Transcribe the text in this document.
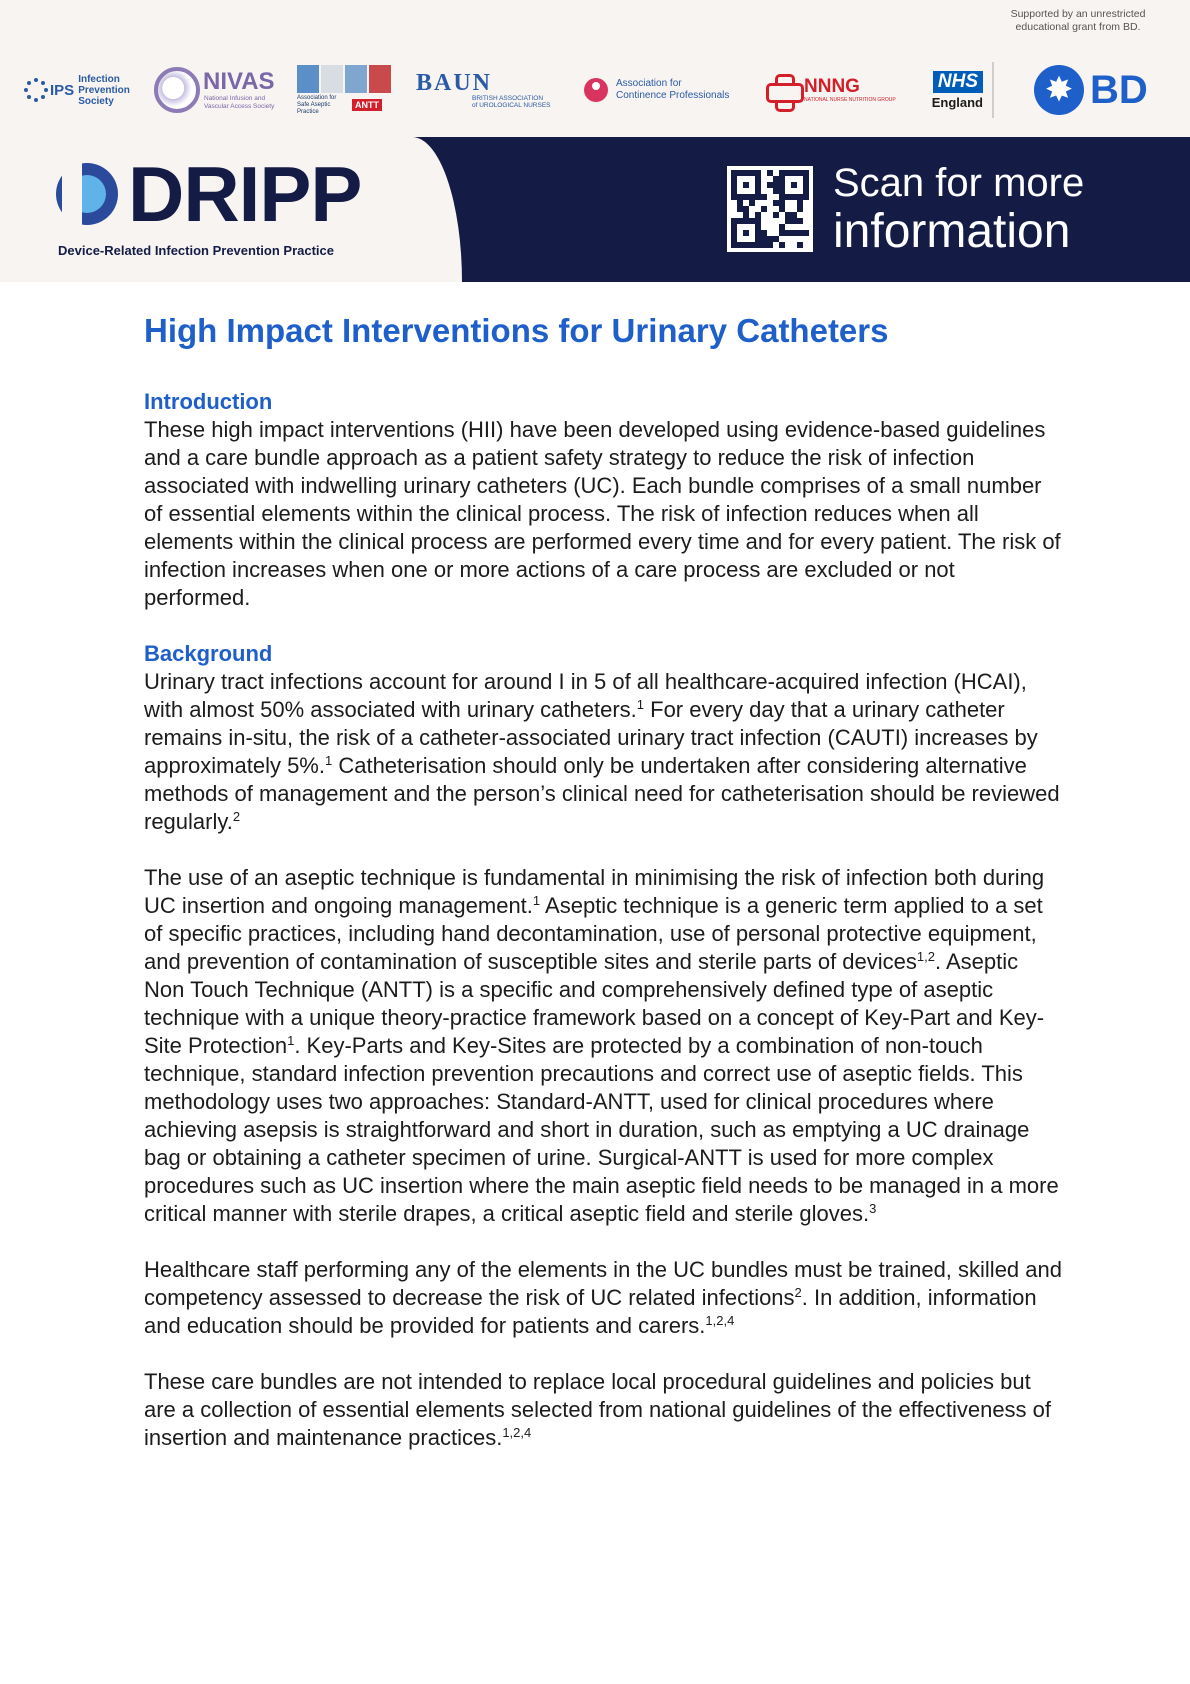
Supported by an unrestricted
educational grant from BD.
IPS
Infection
Prevention
Society
NIVAS
National Infusion and
Vascular Access Society
Association for
Safe Aseptic Practice
ANTT
BAUN
BRITISH ASSOCIATION
of UROLOGICAL NURSES
Association for
Continence Professionals	NNNG
NATIONAL NURSE NUTRITION GROUP
NHS
England
✸	BD
DRIPP
Device-Related Infection Prevention Practice
Scan for more
information
High Impact Interventions for Urinary Catheters
Introduction

These high impact interventions (HII) have been developed using evidence-based guidelines and a care bundle approach as a patient safety strategy to reduce the risk of infection associated with indwelling urinary catheters (UC). Each bundle comprises of a small number of essential elements within the clinical process. The risk of infection reduces when all elements within the clinical process are performed every time and for every patient. The risk of infection increases when one or more actions of a care process are excluded or not performed.

Background

Urinary tract infections account for around I in 5 of all healthcare-acquired infection (HCAI), with almost 50% associated with urinary catheters.$^1$ For every day that a urinary catheter remains in-situ, the risk of a catheter-associated urinary tract infection (CAUTI) increases by approximately 5%.$^1$ Catheterisation should only be undertaken after considering alternative methods of management and the person’s clinical need for catheterisation should be reviewed regularly.$^2$

The use of an aseptic technique is fundamental in minimising the risk of infection both during UC insertion and ongoing management.$^1$ Aseptic technique is a generic term applied to a set of specific practices, including hand decontamination, use of personal protective equipment, and prevention of contamination of susceptible sites and sterile parts of devices$^{1,2}$. Aseptic Non Touch Technique (ANTT) is a specific and comprehensively defined type of aseptic technique with a unique theory-practice framework based on a concept of Key-Part and Key-Site Protection$^1$. Key-Parts and Key-Sites are protected by a combination of non-touch technique, standard infection prevention precautions and correct use of aseptic fields. This methodology uses two approaches: Standard-ANTT, used for clinical procedures where achieving asepsis is straightforward and short in duration, such as emptying a UC drainage bag or obtaining a catheter specimen of urine. Surgical-ANTT is used for more complex procedures such as UC insertion where the main aseptic field needs to be managed in a more critical manner with sterile drapes, a critical aseptic field and sterile gloves.$^3$

Healthcare staff performing any of the elements in the UC bundles must be trained, skilled and competency assessed to decrease the risk of UC related infections$^2$. In addition, information and education should be provided for patients and carers.$^{1,2,4}$

These care bundles are not intended to replace local procedural guidelines and policies but are a collection of essential elements selected from national guidelines of the effectiveness of insertion and maintenance practices.$^{1,2,4}$
